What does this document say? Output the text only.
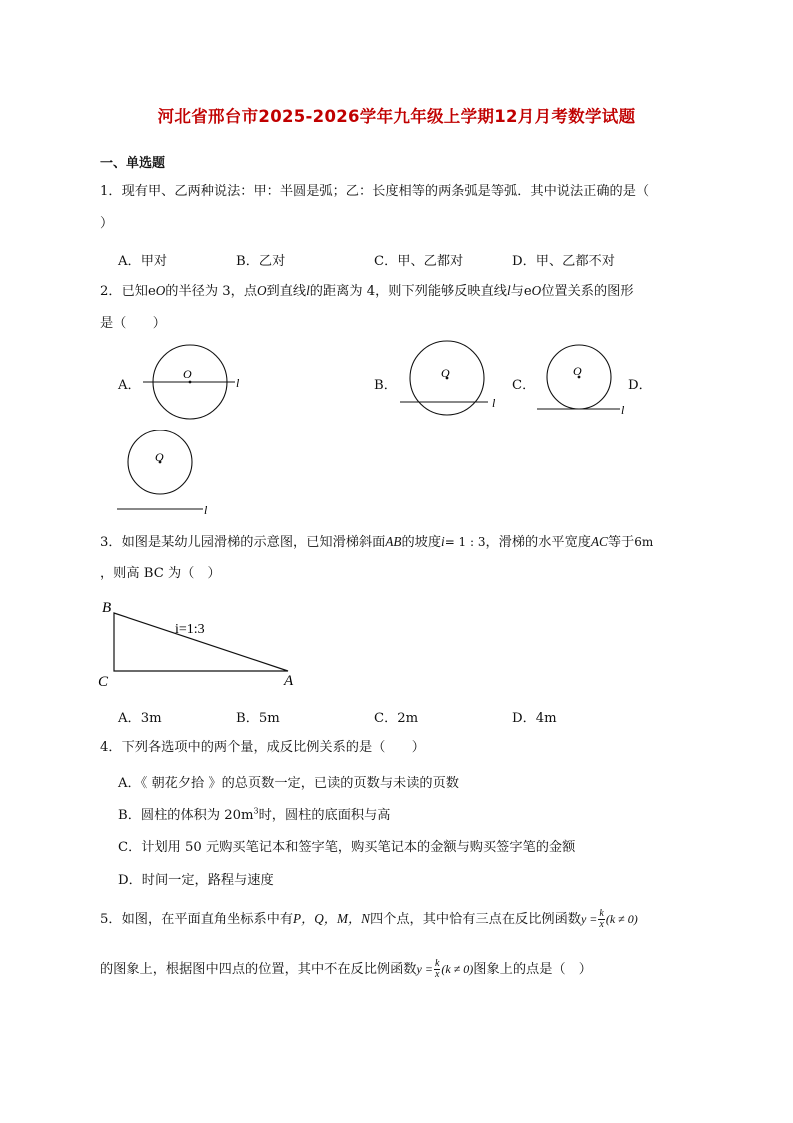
河北省邢台市2025-2026学年九年级上学期12月月考数学试题
一、单选题
1．现有甲、乙两种说法：甲：半圆是弧；乙：长度相等的两条弧是等弧．其中说法正确的是（
）
A．甲对	B．乙对	C．甲、乙都对	D．甲、乙都不对
2．已知eO的半径为 3，点O到直线l的距离为 4，则下列能够反映直线l与eO位置关系的图形
是（　　）
A．	B．	C．	D．
O
l
O
l
O
l
O
l
3．如图是某幼儿园滑梯的示意图，已知滑梯斜面AB的坡度i= 1 : 3，滑梯的水平宽度AC等于6m
，则高 BC 为（　）
B
C	A
i=1:3
A．3m	B．5m	C．2m	D．4m
4．下列各选项中的两个量，成反比例关系的是（　　）
A．《 朝花夕拾 》的总页数一定，已读的页数与未读的页数
B．圆柱的体积为 $20m^3$时，圆柱的底面积与高
C．计划用 50 元购买笔记本和签字笔，购买笔记本的金额与购买签字笔的金额
D．时间一定，路程与速度
5．如图，在平面直角坐标系中有P，Q，M，N四个点，其中恰有三点在反比例函数$y = \frac{k}{x} (k \ne 0)$
的图象上，根据图中四点的位置，其中不在反比例函数$y = \frac{k}{x} (k \ne 0)$图象上的点是（　）
